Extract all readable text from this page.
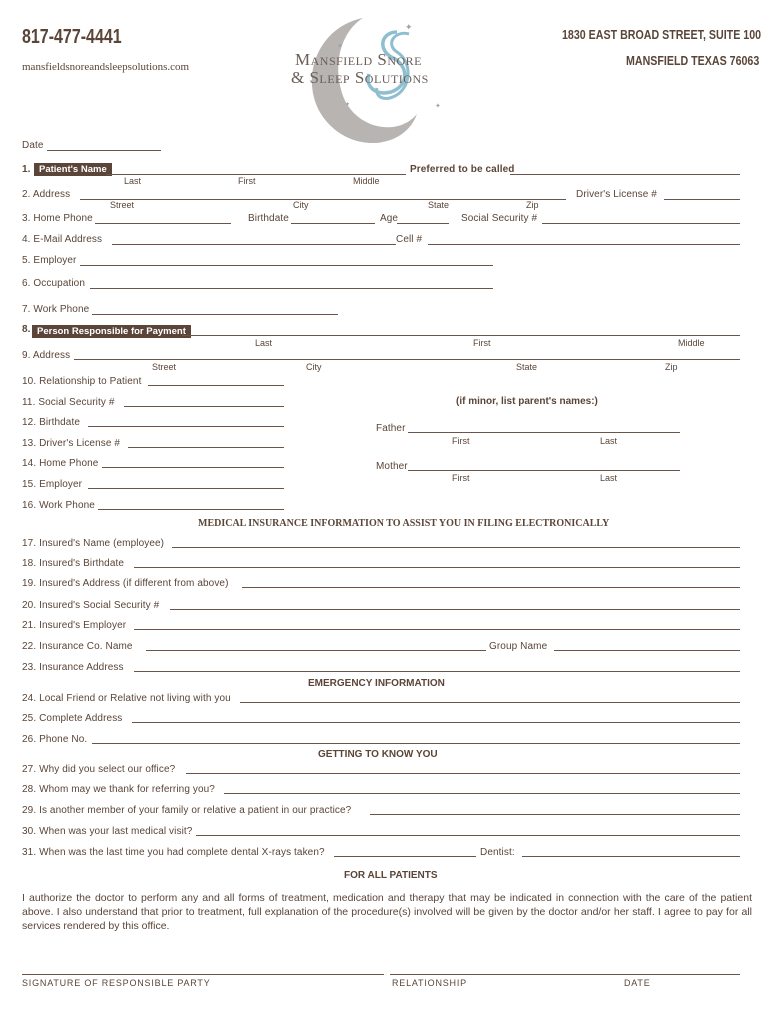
817-477-4441
mansfieldsnoreandsleepsolutions.com
1830 EAST BROAD STREET, SUITE 100
MANSFIELD TEXAS 76063
✦
✦
✦
✦
Mansfield Snore
& Sleep Solutions
Date
1. Patient's Name	Preferred to be called
Last	First	Middle
2. Address	Driver's License #
Street	City	State	Zip
3. Home Phone	Birthdate	Age	Social Security #
4. E-Mail Address	Cell #
5. Employer
6. Occupation
7. Work Phone
8. Person Responsible for Payment
Last	First	Middle
9. Address
Street	City	State	Zip
10. Relationship to Patient
11. Social Security #
12. Birthdate
13. Driver's License #
14. Home Phone
15. Employer
16. Work Phone
(if minor, list parent's names:)
Father
First	Last
Mother
First	Last
MEDICAL INSURANCE INFORMATION TO ASSIST YOU IN FILING ELECTRONICALLY
17. Insured's Name (employee)
18. Insured's Birthdate
19. Insured's Address (if different from above)
20. Insured's Social Security #
21. Insured's Employer
22. Insurance Co. Name	Group Name
23. Insurance Address
EMERGENCY INFORMATION
24. Local Friend or Relative not living with you
25. Complete Address
26. Phone No.
GETTING TO KNOW YOU
27. Why did you select our office?
28. Whom may we thank for referring you?
29. Is another member of your family or relative a patient in our practice?
30. When was your last medical visit?
31. When was the last time you had complete dental X-rays taken?	Dentist:
FOR ALL PATIENTS
I authorize the doctor to perform any and all forms of treatment, medication and therapy that may be indicated in connection with the care of the patient above. I also understand that prior to treatment, full explanation of the procedure(s) involved will be given by the doctor and/or her staff. I agree to pay for all services rendered by this office.
SIGNATURE OF RESPONSIBLE PARTY	RELATIONSHIP	DATE
